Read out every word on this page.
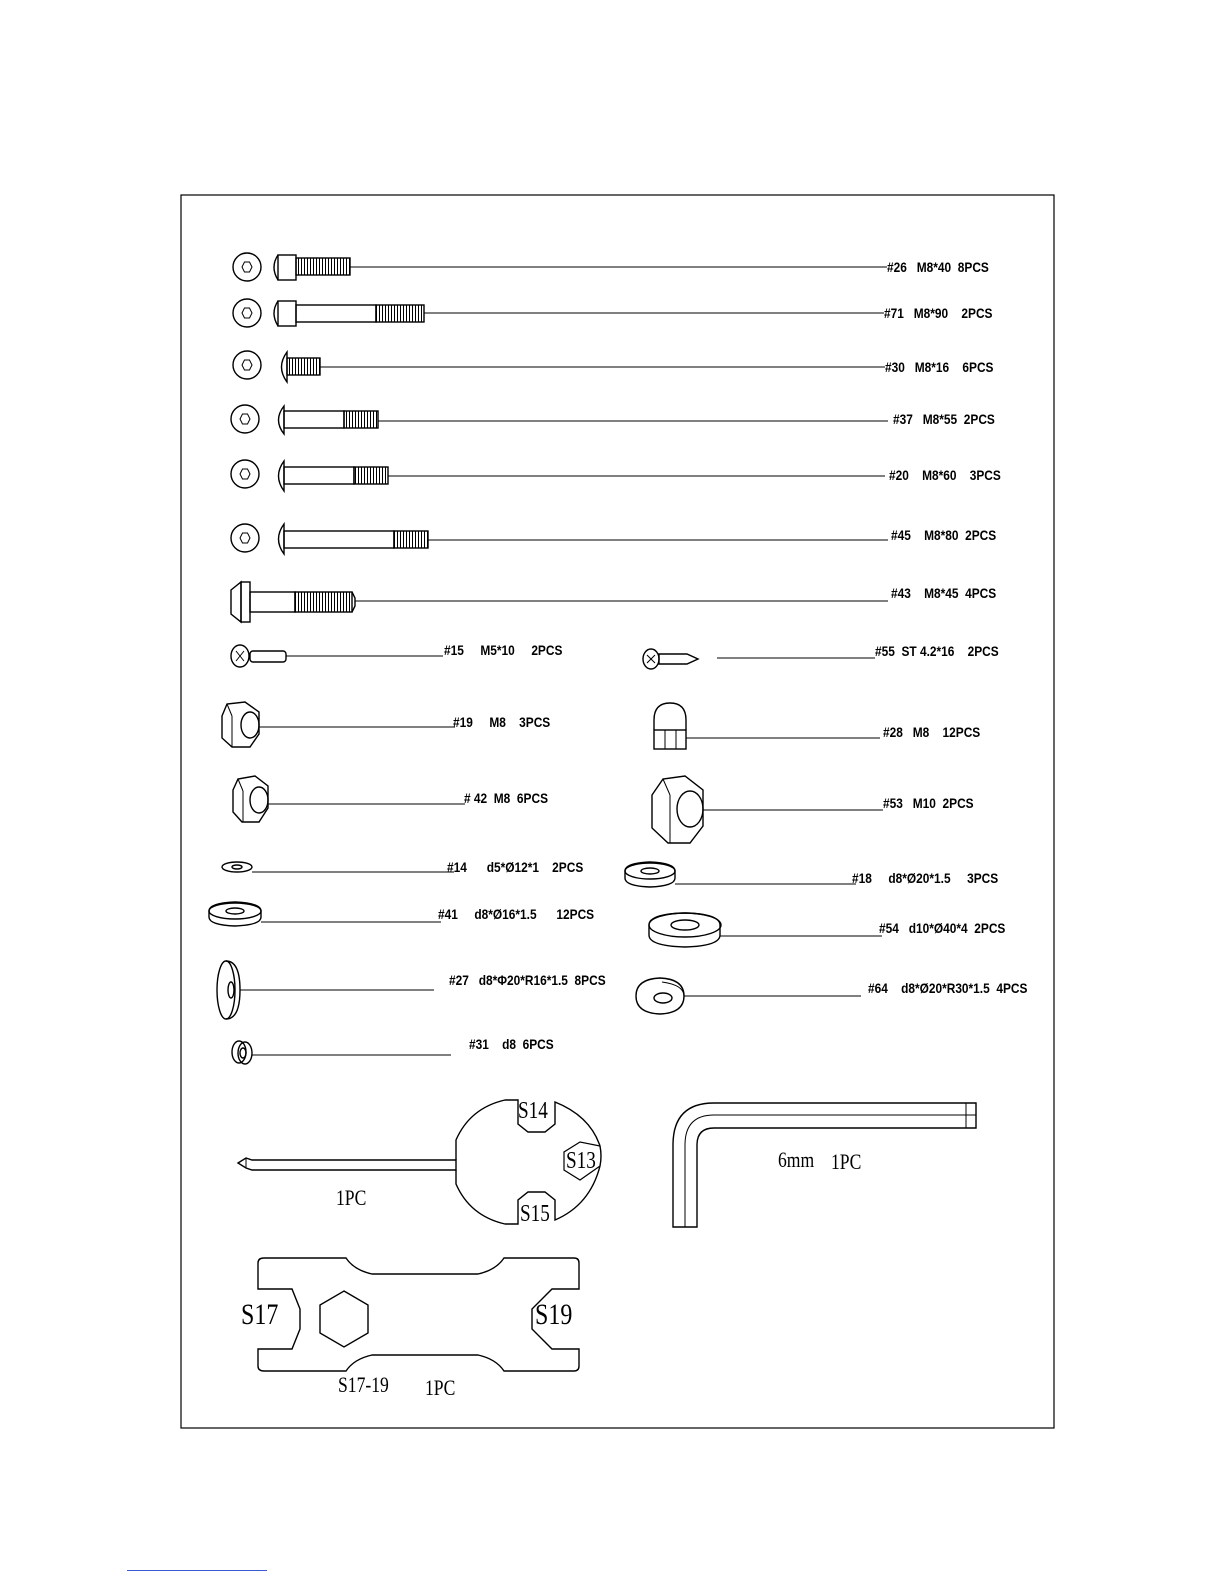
#26   M8*40  8PCS
#71   M8*90    2PCS
#30   M8*16    6PCS
#37   M8*55  2PCS
#20    M8*60    3PCS
#45    M8*80  2PCS
#43    M8*45  4PCS
#15     M5*10     2PCS	#55  ST 4.2*16    2PCS
#19     M8    3PCS
#28   M8    12PCS
# 42  M8  6PCS	#53   M10  2PCS
#14      d5*Ø12*1    2PCS
#18     d8*Ø20*1.5     3PCS
#41     d8*Ø16*1.5      12PCS
#54   d10*Ø40*4  2PCS
#27   d8*Φ20*R16*1.5  8PCS	#64    d8*Ø20*R30*1.5  4PCS
#31    d8  6PCS
S14
S13
S15
1PC
6mm 1PC
S17	S19
S17-19 1PC
